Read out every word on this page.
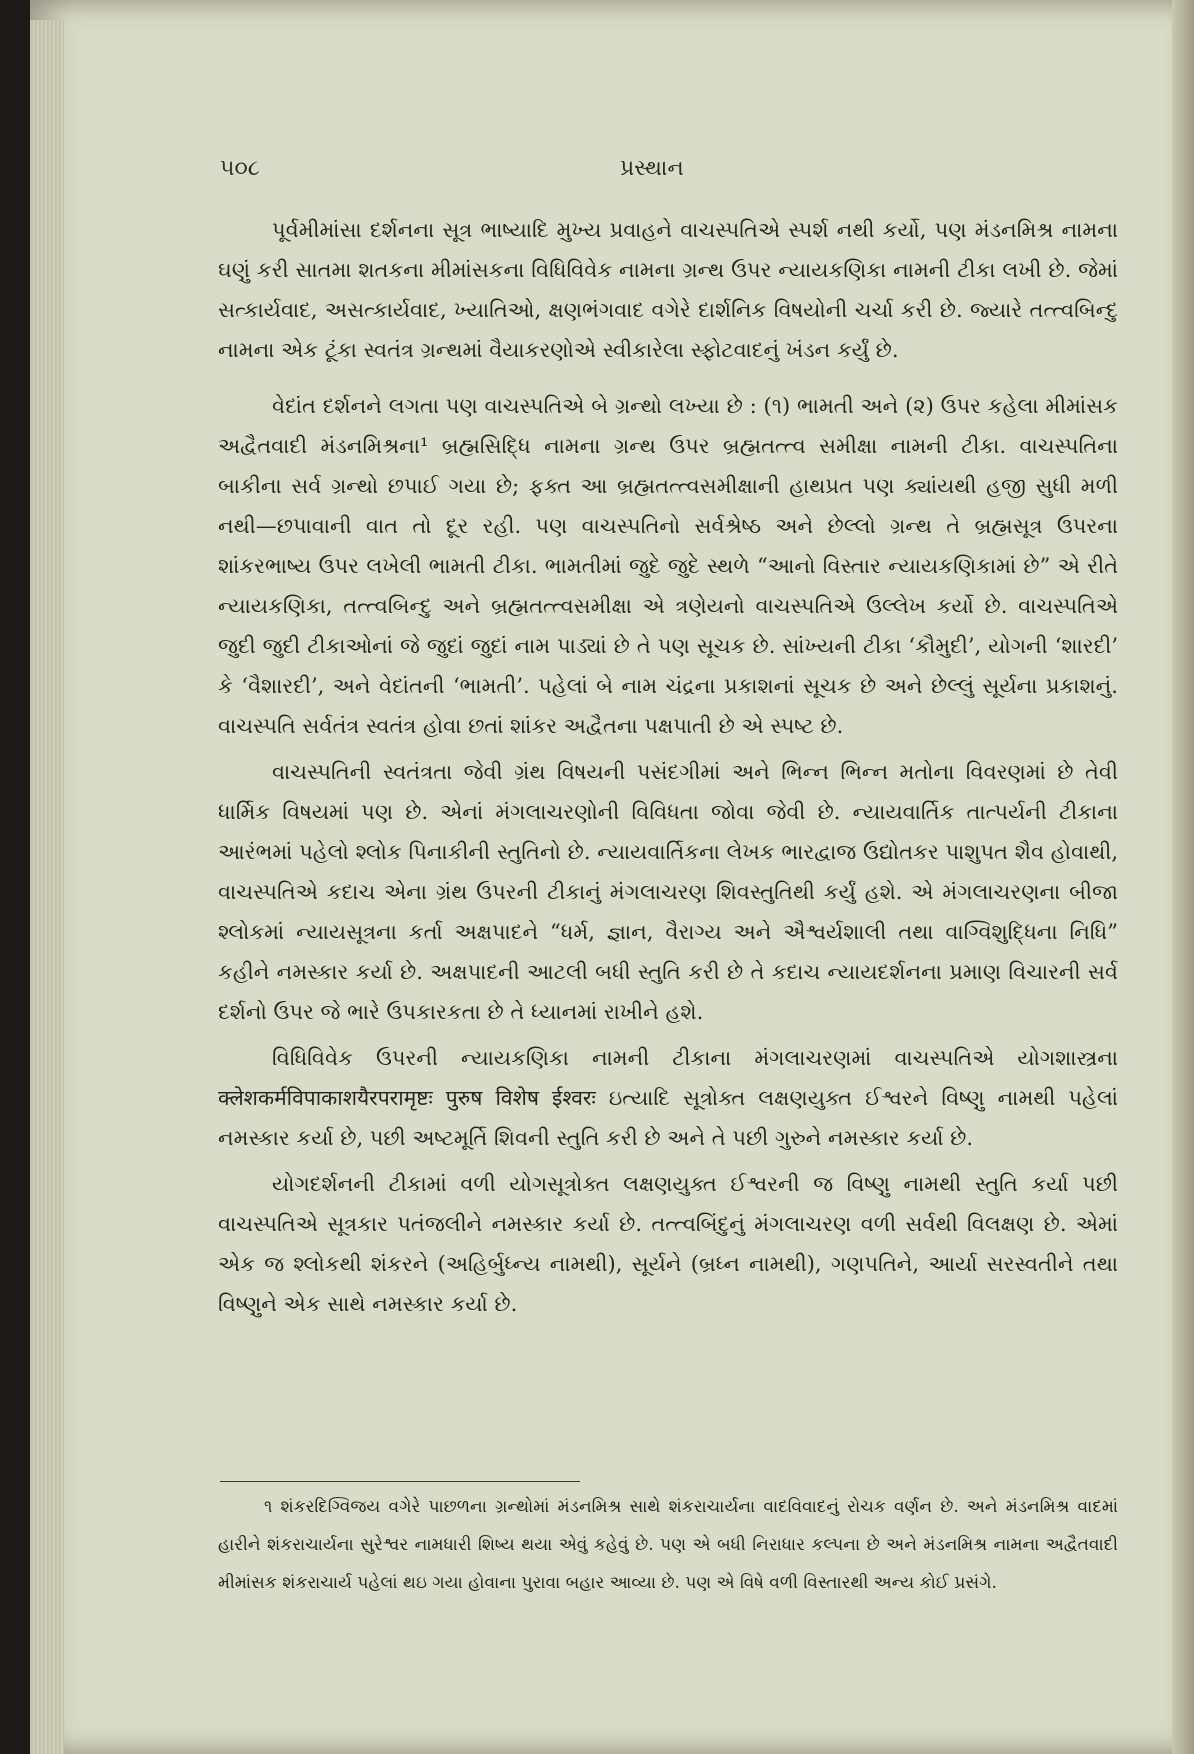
૫૦૮	પ્રસ્થાન

પૂર્વમીમાંસા દર્શનના સૂત્ર ભાષ્યાદિ મુખ્ય પ્રવાહને વાચસ્પતિએ સ્પર્શ નથી કર્યો, પણ મંડનમિશ્ર નામના ઘણું કરી સાતમા શતકના મીમાંસકના વિધિવિવેક નામના ગ્રન્થ ઉપર ન્યાયકણિકા નામની ટીકા લખી છે. જેમાં સત્કાર્યવાદ, અસત્કાર્યવાદ, ખ્યાતિઓ, ક્ષણભંગવાદ વગેરે દાર્શનિક વિષયોની ચર્ચા કરી છે. જ્યારે તત્ત્વબિન્દુ નામના એક ટૂંકા સ્વતંત્ર ગ્રન્થમાં વૈયાકરણોએ સ્વીકારેલા સ્ફોટવાદનું ખંડન કર્યું છે.

વેદાંત દર્શનને લગતા પણ વાચસ્પતિએ બે ગ્રન્થો લખ્યા છે : (૧) ભામતી અને (૨) ઉપર કહેલા મીમાંસક અદ્વૈતવાદી મંડનમિશ્રના¹ બ્રહ્મસિદ્ધિ નામના ગ્રન્થ ઉપર બ્રહ્મતત્ત્વ સમીક્ષા નામની ટીકા. વાચસ્પતિના બાકીના સર્વ ગ્રન્થો છપાઈ ગયા છે; ફક્ત આ બ્રહ્મતત્ત્વસમીક્ષાની હાથપ્રત પણ ક્યાંયથી હજી સુધી મળી નથી—છપાવાની વાત તો દૂર રહી. પણ વાચસ્પતિનો સર્વશ્રેષ્ઠ અને છેલ્લો ગ્રન્થ તે બ્રહ્મસૂત્ર ઉપરના શાંકરભાષ્ય ઉપર લખેલી ભામતી ટીકા. ભામતીમાં જુદે જુદે સ્થળે “આનો વિસ્તાર ન્યાયકણિકામાં છે” એ રીતે ન્યાયકણિકા, તત્ત્વબિન્દુ અને બ્રહ્મતત્ત્વસમીક્ષા એ ત્રણેયનો વાચસ્પતિએ ઉલ્લેખ કર્યો છે. વાચસ્પતિએ જુદી જુદી ટીકાઓનાં જે જુદાં જુદાં નામ પાડ્યાં છે તે પણ સૂચક છે. સાંખ્યની ટીકા ‘કૌમુદી’, યોગની ‘શારદી’ કે ‘વૈશારદી’, અને વેદાંતની ‘ભામતી’. પહેલાં બે નામ ચંદ્રના પ્રકાશનાં સૂચક છે અને છેલ્લું સૂર્યના પ્રકાશનું. વાચસ્પતિ સર્વતંત્ર સ્વતંત્ર હોવા છતાં શાંકર અદ્વૈતના પક્ષપાતી છે એ સ્પષ્ટ છે.

વાચસ્પતિની સ્વતંત્રતા જેવી ગ્રંથ વિષયની પસંદગીમાં અને ભિન્ન ભિન્ન મતોના વિવરણમાં છે તેવી ધાર્મિક વિષયમાં પણ છે. એનાં મંગલાચરણોની વિવિધતા જોવા જેવી છે. ન્યાયવાર્તિક તાત્પર્યની ટીકાના આરંભમાં પહેલો શ્લોક પિનાકીની સ્તુતિનો છે. ન્યાયવાર્તિકના લેખક ભારદ્વાજ ઉદ્યોતકર પાશુપત શૈવ હોવાથી, વાચસ્પતિએ કદાચ એના ગ્રંથ ઉપરની ટીકાનું મંગલાચરણ શિવસ્તુતિથી કર્યું હશે. એ મંગલાચરણના બીજા શ્લોકમાં ન્યાયસૂત્રના કર્તા અક્ષપાદને “ધર્મ, જ્ઞાન, વૈરાગ્ય અને ઐશ્વર્યશાલી તથા વાગ્વિશુદ્ધિના નિધિ” કહીને નમસ્કાર કર્યા છે. અક્ષપાદની આટલી બધી સ્તુતિ કરી છે તે કદાચ ન્યાયદર્શનના પ્રમાણ વિચારની સર્વ દર્શનો ઉપર જે ભારે ઉપકારકતા છે તે ધ્યાનમાં રાખીને હશે.

વિધિવિવેક ઉપરની ન્યાયકણિકા નામની ટીકાના મંગલાચરણમાં વાચસ્પતિએ યોગશાસ્ત્રના क्लेशकर्मविपाकाशयैरपरामृष्टः पुरुष विशेष ईश्वरः ઇત્યાદિ સૂત્રોક્ત લક્ષણયુક્ત ઈશ્વરને વિષ્ણુ નામથી પહેલાં નમસ્કાર કર્યા છે, પછી અષ્ટમૂર્તિ શિવની સ્તુતિ કરી છે અને તે પછી ગુરુને નમસ્કાર કર્યા છે.

યોગદર્શનની ટીકામાં વળી યોગસૂત્રોક્ત લક્ષણયુક્ત ઈશ્વરની જ વિષ્ણુ નામથી સ્તુતિ કર્યા પછી વાચસ્પતિએ સૂત્રકાર પતંજલીને નમસ્કાર કર્યા છે. તત્ત્વબિંદુનું મંગલાચરણ વળી સર્વથી વિલક્ષણ છે. એમાં એક જ શ્લોકથી શંકરને (અહિર્બુધ્ન્ય નામથી), સૂર્યને (બ્રધ્ન નામથી), ગણપતિને, આર્યા સરસ્વતીને તથા વિષ્ણુને એક સાથે નમસ્કાર કર્યા છે.

૧ શંકરદિગ્વિજય વગેરે પાછળના ગ્રન્થોમાં મંડનમિશ્ર સાથે શંકરાચાર્યના વાદવિવાદનું રોચક વર્ણન છે. અને મંડનમિશ્ર વાદમાં હારીને શંકરાચાર્યના સુરેશ્વર નામધારી શિષ્ય થયા એવું કહેવું છે. પણ એ બધી નિરાધાર કલ્પના છે અને મંડનમિશ્ર નામના અદ્વૈતવાદી મીમાંસક શંકરાચાર્ય પહેલાં થઇ ગયા હોવાના પુરાવા બહાર આવ્યા છે. પણ એ વિષે વળી વિસ્તારથી અન્ય કોઈ પ્રસંગે.
